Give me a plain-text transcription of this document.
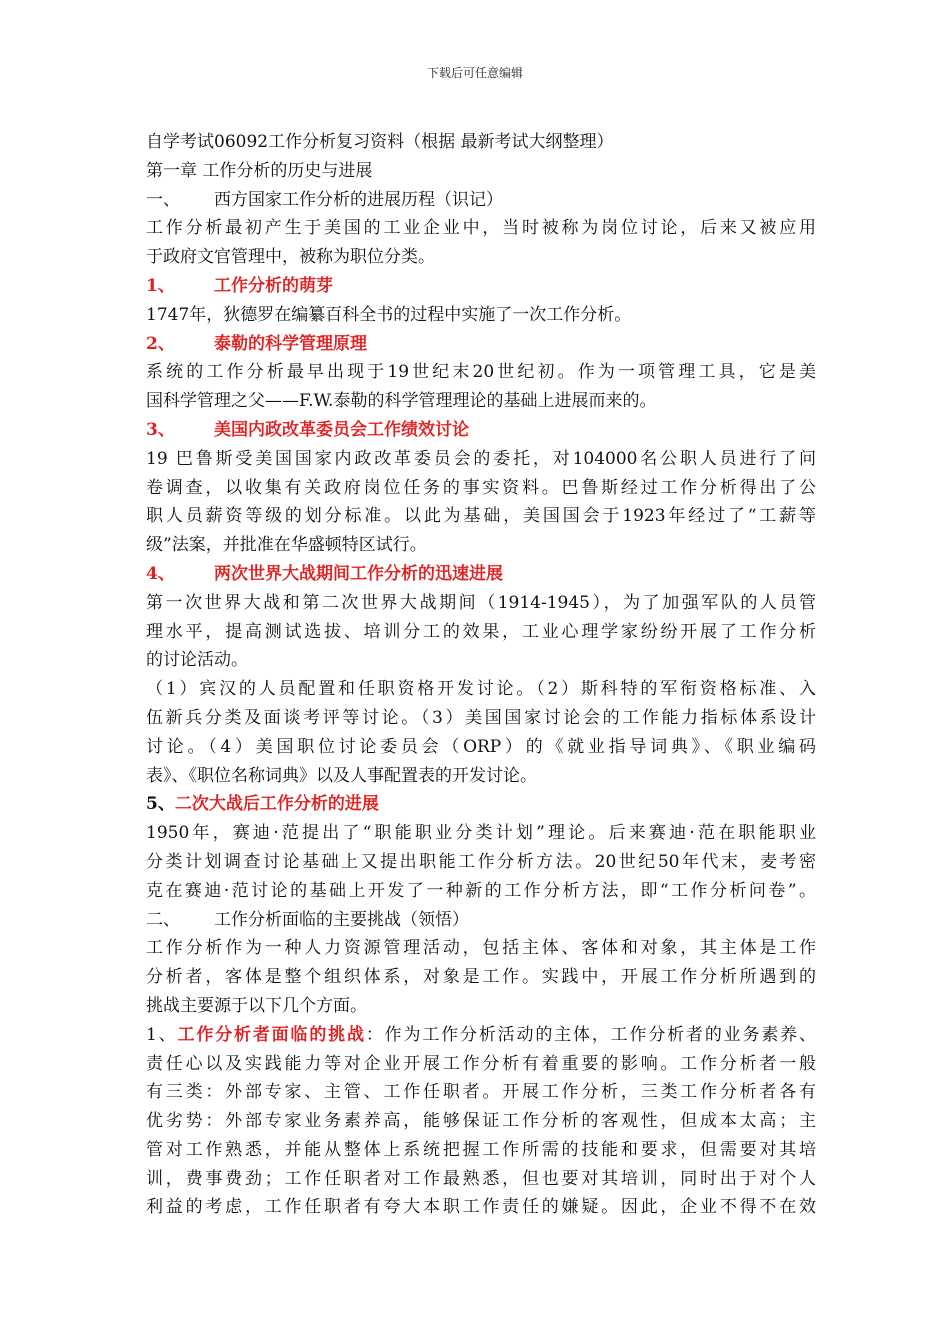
下载后可任意编辑
自学考试06092工作分析复习资料（根据 最新考试大纲整理）
第一章 工作分析的历史与进展
一、 西方国家工作分析的进展历程（识记）
工作分析最初产生于美国的工业企业中，当时被称为岗位讨论，后来又被应用
于政府文官管理中，被称为职位分类。
1、 工作分析的萌芽
1747年，狄德罗在编纂百科全书的过程中实施了一次工作分析。
2、 泰勒的科学管理原理
系统的工作分析最早出现于19世纪末20世纪初。作为一项管理工具，它是美
国科学管理之父——F.W.泰勒的科学管理理论的基础上进展而来的。
3、 美国内政改革委员会工作绩效讨论
19 巴鲁斯受美国国家内政改革委员会的委托，对104000名公职人员进行了问
卷调查，以收集有关政府岗位任务的事实资料。巴鲁斯经过工作分析得出了公
职人员薪资等级的划分标准。以此为基础，美国国会于1923年经过了“工薪等
级”法案，并批准在华盛顿特区试行。
4、 两次世界大战期间工作分析的迅速进展
第一次世界大战和第二次世界大战期间（1914-1945），为了加强军队的人员管
理水平，提高测试选拔、培训分工的效果，工业心理学家纷纷开展了工作分析
的讨论活动。
（1）宾汉的人员配置和任职资格开发讨论。（2）斯科特的军衔资格标准、入
伍新兵分类及面谈考评等讨论。（3）美国国家讨论会的工作能力指标体系设计
讨论。（4）美国职位讨论委员会（ORP）的《就业指导词典》、《职业编码
表》、《职位名称词典》以及人事配置表的开发讨论。
5、二次大战后工作分析的进展
1950年，赛迪·范提出了“职能职业分类计划”理论。后来赛迪·范在职能职业
分类计划调查讨论基础上又提出职能工作分析方法。20世纪50年代末，麦考密
克在赛迪·范讨论的基础上开发了一种新的工作分析方法，即“工作分析问卷”。
二、 工作分析面临的主要挑战（领悟）
工作分析作为一种人力资源管理活动，包括主体、客体和对象，其主体是工作
分析者，客体是整个组织体系，对象是工作。实践中，开展工作分析所遇到的
挑战主要源于以下几个方面。
1、工作分析者面临的挑战：作为工作分析活动的主体，工作分析者的业务素养、
责任心以及实践能力等对企业开展工作分析有着重要的影响。工作分析者一般
有三类：外部专家、主管、工作任职者。开展工作分析，三类工作分析者各有
优劣势：外部专家业务素养高，能够保证工作分析的客观性，但成本太高；主
管对工作熟悉，并能从整体上系统把握工作所需的技能和要求，但需要对其培
训，费事费劲；工作任职者对工作最熟悉，但也要对其培训，同时出于对个人
利益的考虑，工作任职者有夸大本职工作责任的嫌疑。因此，企业不得不在效
